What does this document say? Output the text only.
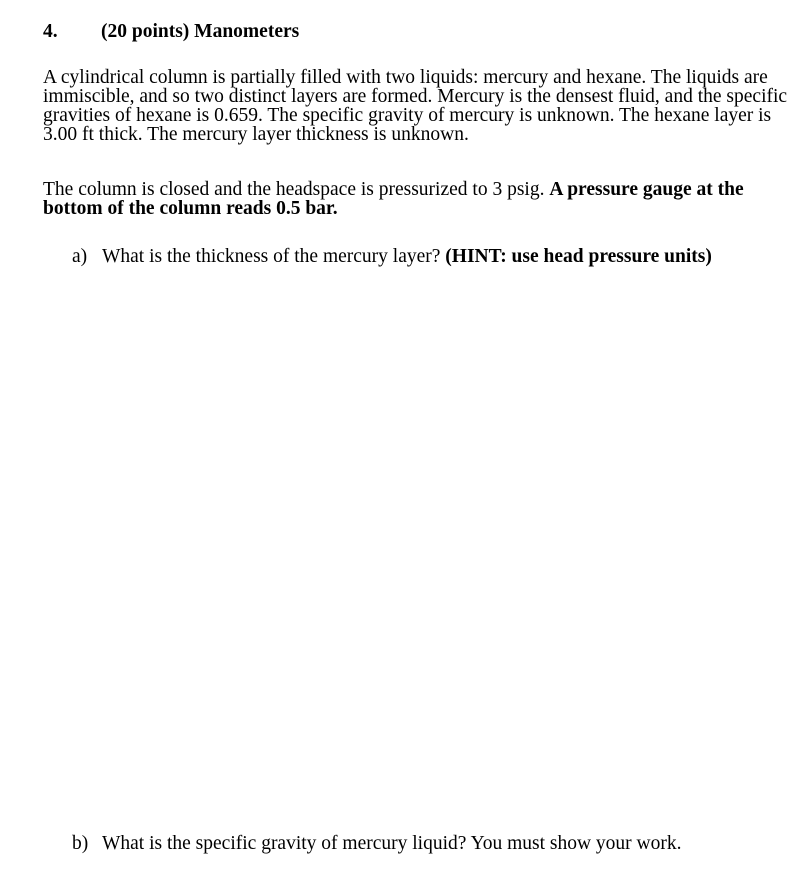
4. (20 points) Manometers
A cylindrical column is partially filled with two liquids: mercury and hexane. The liquids are
immiscible, and so two distinct layers are formed. Mercury is the densest fluid, and the specific
gravities of hexane is 0.659. The specific gravity of mercury is unknown. The hexane layer is
3.00 ft thick. The mercury layer thickness is unknown.
The column is closed and the headspace is pressurized to 3 psig. A pressure gauge at the
bottom of the column reads 0.5 bar.
a) What is the thickness of the mercury layer? (HINT: use head pressure units)
b) What is the specific gravity of mercury liquid? You must show your work.
